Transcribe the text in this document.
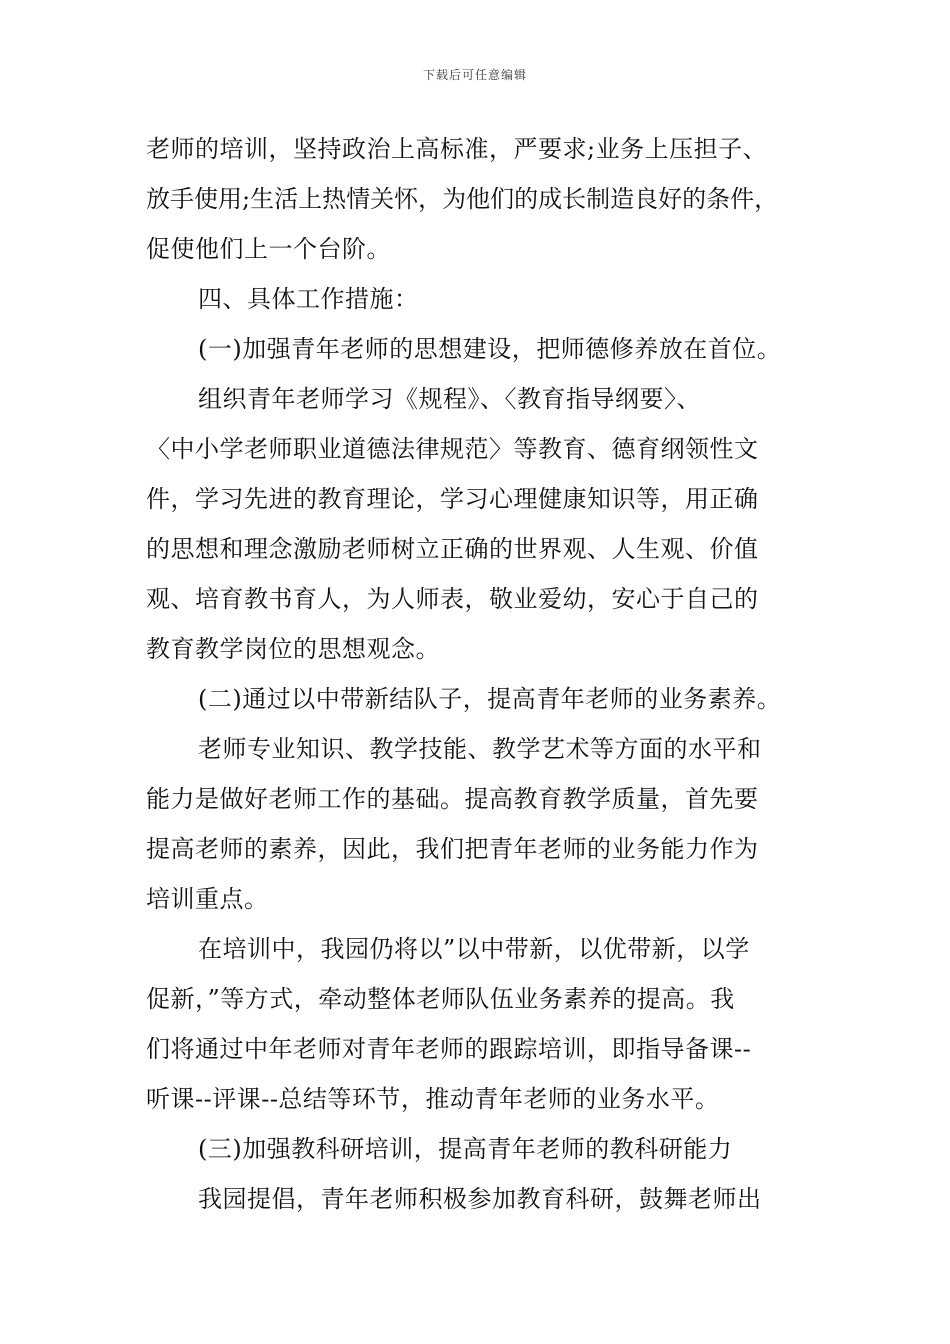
下载后可任意编辑
老师的培训，坚持政治上高标准，严要求;业务上压担子、
放手使用;生活上热情关怀，为他们的成长制造良好的条件，
促使他们上一个台阶。
四、具体工作措施：
(一)加强青年老师的思想建设，把师德修养放在首位。
组织青年老师学习《规程》、〈教育指导纲要〉、
〈中小学老师职业道德法律规范〉等教育、德育纲领性文
件，学习先进的教育理论，学习心理健康知识等，用正确
的思想和理念激励老师树立正确的世界观、人生观、价值
观、培育教书育人，为人师表，敬业爱幼，安心于自己的
教育教学岗位的思想观念。
(二)通过以中带新结队子，提高青年老师的业务素养。
老师专业知识、教学技能、教学艺术等方面的水平和
能力是做好老师工作的基础。提高教育教学质量，首先要
提高老师的素养，因此，我们把青年老师的业务能力作为
培训重点。
在培训中，我园仍将以”以中带新，以优带新，以学
促新，”等方式，牵动整体老师队伍业务素养的提高。我
们将通过中年老师对青年老师的跟踪培训，即指导备课--
听课--评课--总结等环节，推动青年老师的业务水平。
(三)加强教科研培训，提高青年老师的教科研能力
我园提倡，青年老师积极参加教育科研，鼓舞老师出
